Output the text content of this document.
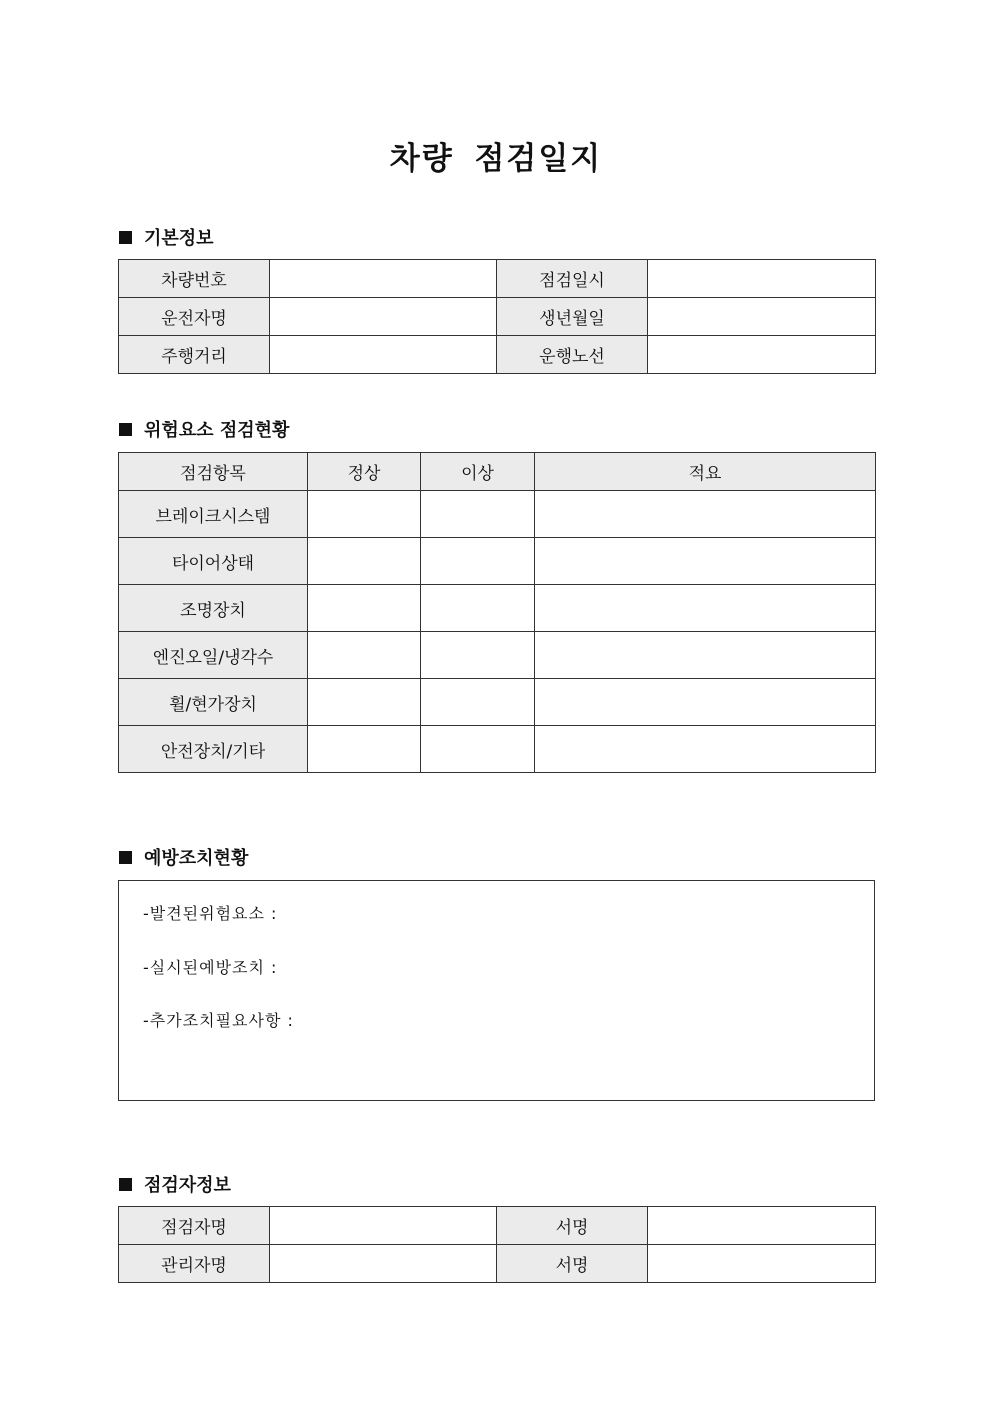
차량 점검일지
기본정보
차량번호		점검일시	
운전자명		생년월일	
주행거리		운행노선	
위험요소 점검현황
점검항목	정상	이상	적요
브레이크시스템			
타이어상태			
조명장치			
엔진오일/냉각수			
휠/현가장치			
안전장치/기타			
예방조치현황
-발견된위험요소 :
-실시된예방조치 :
-추가조치필요사항 :
점검자정보
점검자명		서명	
관리자명		서명	
